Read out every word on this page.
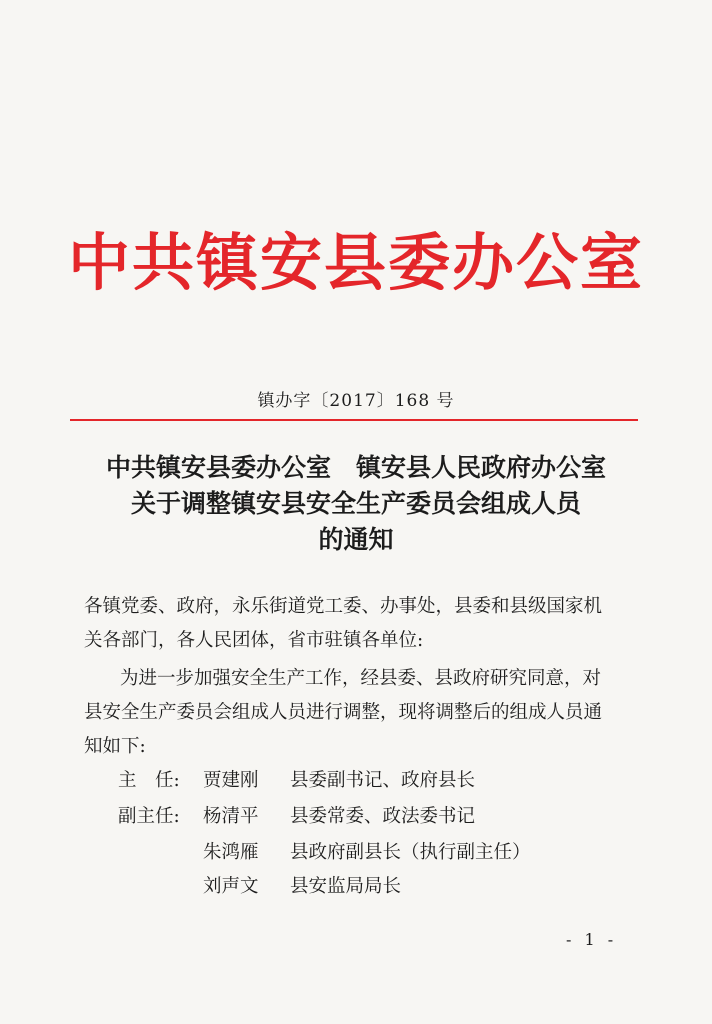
中共镇安县委办公室
镇办字〔2017〕168 号
中共镇安县委办公室　镇安县人民政府办公室
关于调整镇安县安全生产委员会组成人员
的通知
各镇党委、政府，永乐街道党工委、办事处，县委和县级国家机
关各部门，各人民团体，省市驻镇各单位:
为进一步加强安全生产工作，经县委、县政府研究同意，对
县安全生产委员会组成人员进行调整，现将调整后的组成人员通
知如下:
主　任: 贾建刚 县委副书记、政府县长
副主任: 杨清平 县委常委、政法委书记
朱鸿雁 县政府副县长（执行副主任）
刘声文 县安监局局长
- 1 -
